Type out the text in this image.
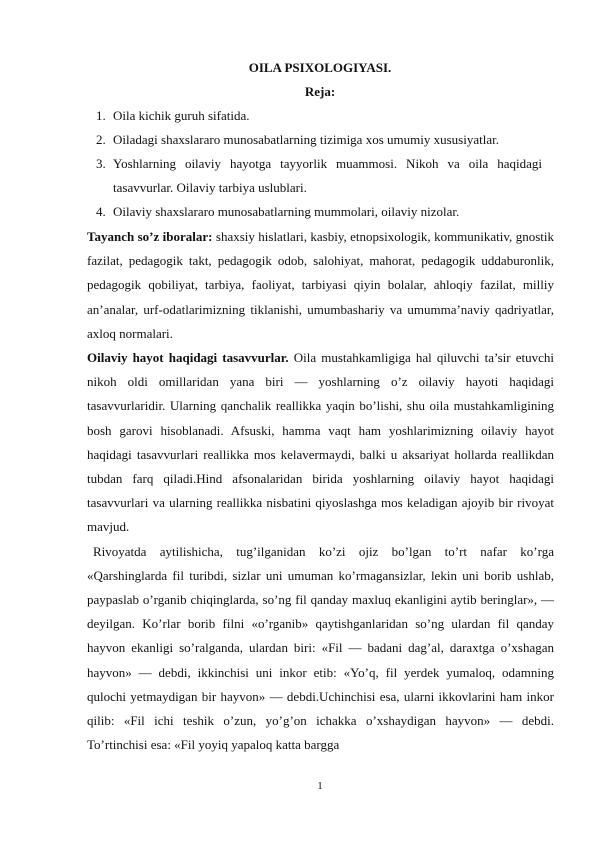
OILA PSIXOLOGIYASI.
Reja:
1. Oila kichik guruh sifatida.
2. Oiladagi shaxslararo munosabatlarning tizimiga xos umumiy xususiyatlar.
3. Yoshlarning oilaviy hayotga tayyorlik muammosi. Nikoh va oila haqidagi tasavvurlar. Oilaviy tarbiya uslublari.
4. Oilaviy shaxslararo munosabatlarning mummolari, oilaviy nizolar.

Tayanch so’z iboralar: shaxsiy hislatlari, kasbiy, etnopsixologik, kommunikativ, gnostik fazilat, pedagogik takt, pedagogik odob, salohiyat, mahorat, pedagogik uddaburonlik, pedagogik qobiliyat, tarbiya, faoliyat, tarbiyasi qiyin bolalar, ahloqiy fazilat, milliy an’analar, urf-odatlarimizning tiklanishi, umumbashariy va umumma’naviy qadriyatlar, axloq normalari.

Oilaviy hayot haqidagi tasavvurlar. Oila mustahkamligiga hal qiluvchi ta’sir etuvchi nikoh oldi omillaridan yana biri — yoshlarning o’z oilaviy hayoti haqidagi tasavvurlaridir. Ularning qanchalik reallikka yaqin bo’lishi, shu oila mustahkamligining bosh garovi hisoblanadi. Afsuski, hamma vaqt ham yoshlarimizning oilaviy hayot haqidagi tasavvurlari reallikka mos kelavermaydi, balki u aksariyat hollarda reallikdan tubdan farq qiladi.Hind afsonalaridan birida yoshlarning oilaviy hayot haqidagi tasavvurlari va ularning reallikka nisbatini qiyoslashga mos keladigan ajoyib bir rivoyat mavjud.

Rivoyatda aytilishicha, tug’ilganidan ko’zi ojiz bo’lgan to’rt nafar ko’rga «Qarshinglarda fil turibdi, sizlar uni umuman ko’rmagansizlar, lekin uni borib ushlab, paypaslab o’rganib chiqinglarda, so’ng fil qanday maxluq ekanligini aytib beringlar», — deyilgan. Ko’rlar borib filni «o’rganib» qaytishganlaridan so’ng ulardan fil qanday hayvon ekanligi so’ralganda, ulardan biri: «Fil — badani dag’al, daraxtga o’xshagan hayvon» — debdi, ikkinchisi uni inkor etib: «Yo’q, fil yerdek yumaloq, odamning qulochi yetmaydigan bir hayvon» — debdi.Uchinchisi esa, ularni ikkovlarini ham inkor qilib: «Fil ichi teshik o’zun, yo’g’on ichakka o’xshaydigan hayvon» — debdi. To’rtinchisi esa: «Fil yoyiq yapaloq katta bargga

1
